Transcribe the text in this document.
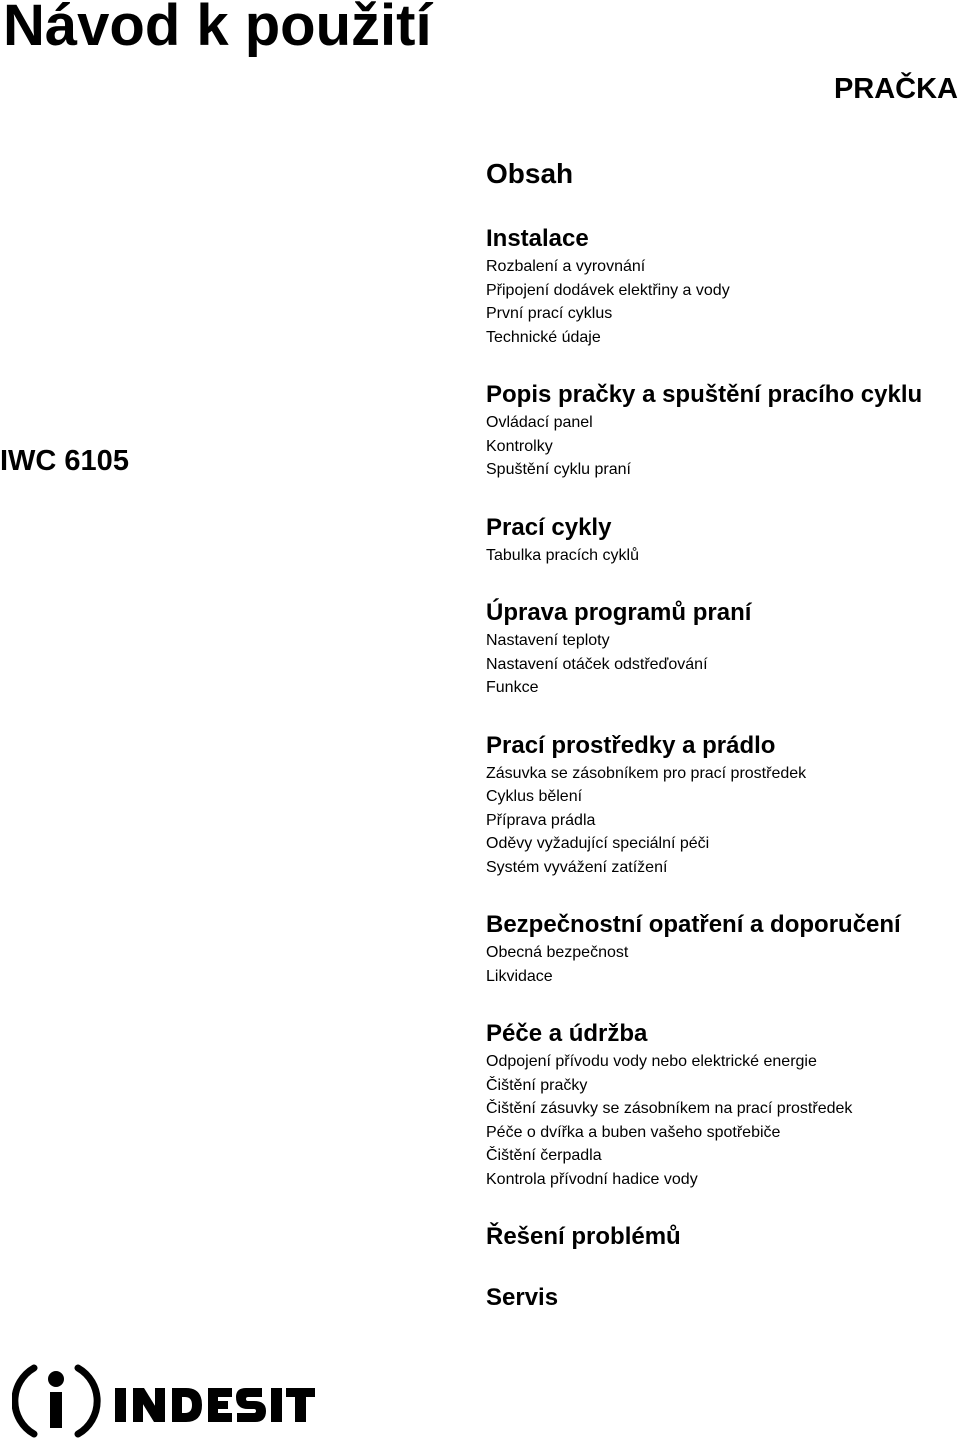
Návod k použití
PRAČKA
IWC 6105
Obsah
Instalace
Rozbalení a vyrovnání
Připojení dodávek elektřiny a vody
První prací cyklus
Technické údaje
Popis pračky a spuštění pracího cyklu
Ovládací panel
Kontrolky
Spuštění cyklu praní
Prací cykly
Tabulka pracích cyklů
Úprava programů praní
Nastavení teploty
Nastavení otáček odstřeďování
Funkce
Prací prostředky a prádlo
Zásuvka se zásobníkem pro prací prostředek
Cyklus bělení
Příprava prádla
Oděvy vyžadující speciální péči
Systém vyvážení zatížení
Bezpečnostní opatření a doporučení
Obecná bezpečnost
Likvidace
Péče a údržba
Odpojení přívodu vody nebo elektrické energie
Čištění pračky
Čištění zásuvky se zásobníkem na prací prostředek
Péče o dvířka a buben vašeho spotřebiče
Čištění čerpadla
Kontrola přívodní hadice vody
Řešení problémů
Servis
